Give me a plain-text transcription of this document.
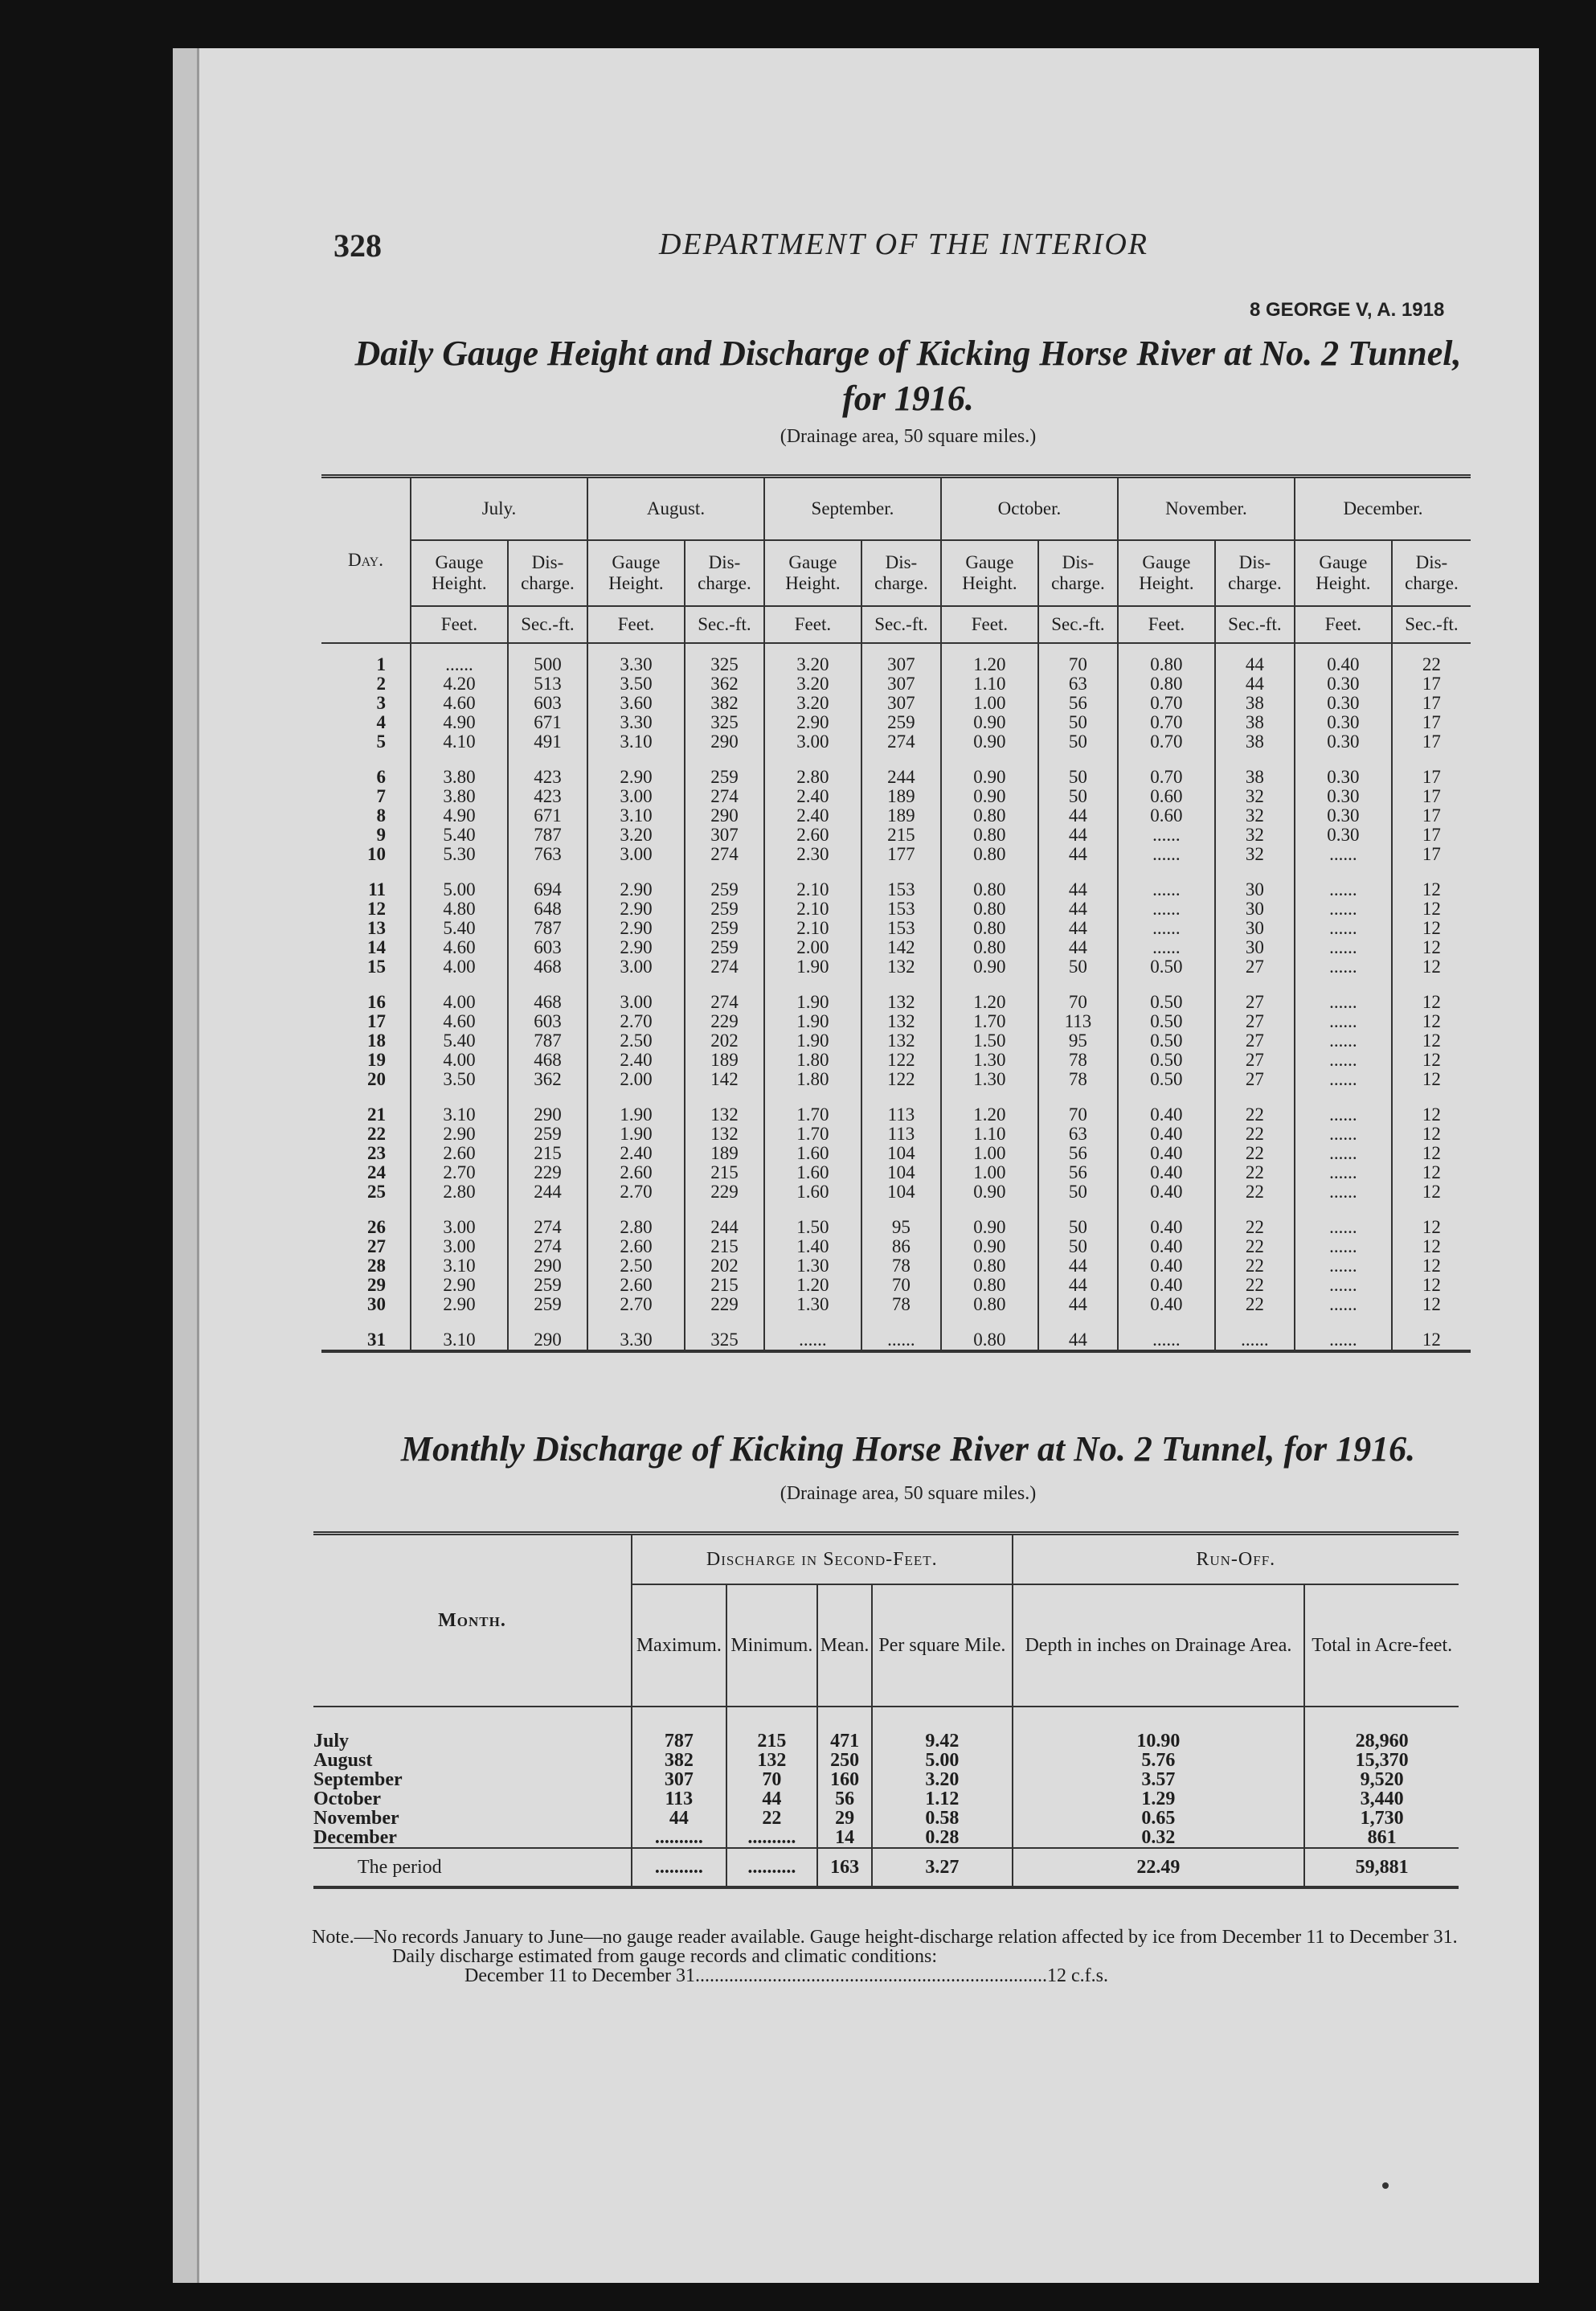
328	DEPARTMENT OF THE INTERIOR
8 GEORGE V, A. 1918
Daily Gauge Height and Discharge of Kicking Horse River at No. 2 Tunnel, for 1916.
(Drainage area, 50 square miles.)
Day.	July.		August.		September.		October.		November.		December.	
	Gauge Height.	Dis-charge.	Gauge Height.	Dis-charge.	Gauge Height.	Dis-charge.	Gauge Height.	Dis-charge.	Gauge Height.	Dis-charge.	Gauge Height.	Dis-charge.
	Feet.	Sec.-ft.	Feet.	Sec.-ft.	Feet.	Sec.-ft.	Feet.	Sec.-ft.	Feet.	Sec.-ft.	Feet.	Sec.-ft.
1	......	500	3.30	325	3.20	307	1.20	70	0.80	44	0.40	22
2	4.20	513	3.50	362	3.20	307	1.10	63	0.80	44	0.30	17
3	4.60	603	3.60	382	3.20	307	1.00	56	0.70	38	0.30	17
4	4.90	671	3.30	325	2.90	259	0.90	50	0.70	38	0.30	17
5	4.10	491	3.10	290	3.00	274	0.90	50	0.70	38	0.30	17

6	3.80	423	2.90	259	2.80	244	0.90	50	0.70	38	0.30	17
7	3.80	423	3.00	274	2.40	189	0.90	50	0.60	32	0.30	17
8	4.90	671	3.10	290	2.40	189	0.80	44	0.60	32	0.30	17
9	5.40	787	3.20	307	2.60	215	0.80	44	......	32	0.30	17
10	5.30	763	3.00	274	2.30	177	0.80	44	......	32	......	17

11	5.00	694	2.90	259	2.10	153	0.80	44	......	30	......	12
12	4.80	648	2.90	259	2.10	153	0.80	44	......	30	......	12
13	5.40	787	2.90	259	2.10	153	0.80	44	......	30	......	12
14	4.60	603	2.90	259	2.00	142	0.80	44	......	30	......	12
15	4.00	468	3.00	274	1.90	132	0.90	50	0.50	27	......	12

16	4.00	468	3.00	274	1.90	132	1.20	70	0.50	27	......	12
17	4.60	603	2.70	229	1.90	132	1.70	113	0.50	27	......	12
18	5.40	787	2.50	202	1.90	132	1.50	95	0.50	27	......	12
19	4.00	468	2.40	189	1.80	122	1.30	78	0.50	27	......	12
20	3.50	362	2.00	142	1.80	122	1.30	78	0.50	27	......	12

21	3.10	290	1.90	132	1.70	113	1.20	70	0.40	22	......	12
22	2.90	259	1.90	132	1.70	113	1.10	63	0.40	22	......	12
23	2.60	215	2.40	189	1.60	104	1.00	56	0.40	22	......	12
24	2.70	229	2.60	215	1.60	104	1.00	56	0.40	22	......	12
25	2.80	244	2.70	229	1.60	104	0.90	50	0.40	22	......	12

26	3.00	274	2.80	244	1.50	95	0.90	50	0.40	22	......	12
27	3.00	274	2.60	215	1.40	86	0.90	50	0.40	22	......	12
28	3.10	290	2.50	202	1.30	78	0.80	44	0.40	22	......	12
29	2.90	259	2.60	215	1.20	70	0.80	44	0.40	22	......	12
30	2.90	259	2.70	229	1.30	78	0.80	44	0.40	22	......	12

31	3.10	290	3.30	325	......	......	0.80	44	......	......	......	12
Monthly Discharge of Kicking Horse River at No. 2 Tunnel, for 1916.
(Drainage area, 50 square miles.)
Month.	Discharge in Second-Feet.				Run-Off.	
	Maximum.	Minimum.	Mean.	Per square Mile.	Depth in inches on Drainage Area.	Total in Acre-feet.
July	787	215	471	9.42	10.90	28,960
August	382	132	250	5.00	5.76	15,370
September	307	70	160	3.20	3.57	9,520
October	113	44	56	1.12	1.29	3,440
November	44	22	29	0.58	0.65	1,730
December	..........	..........	14	0.28	0.32	861
The period	..........	..........	163	3.27	22.49	59,881

Note.—No records January to June—no gauge reader available. Gauge height-discharge relation affected by ice from December 11 to December 31.

Daily discharge estimated from gauge records and climatic conditions:

December 11 to December 31.........................................................................12 c.f.s.
